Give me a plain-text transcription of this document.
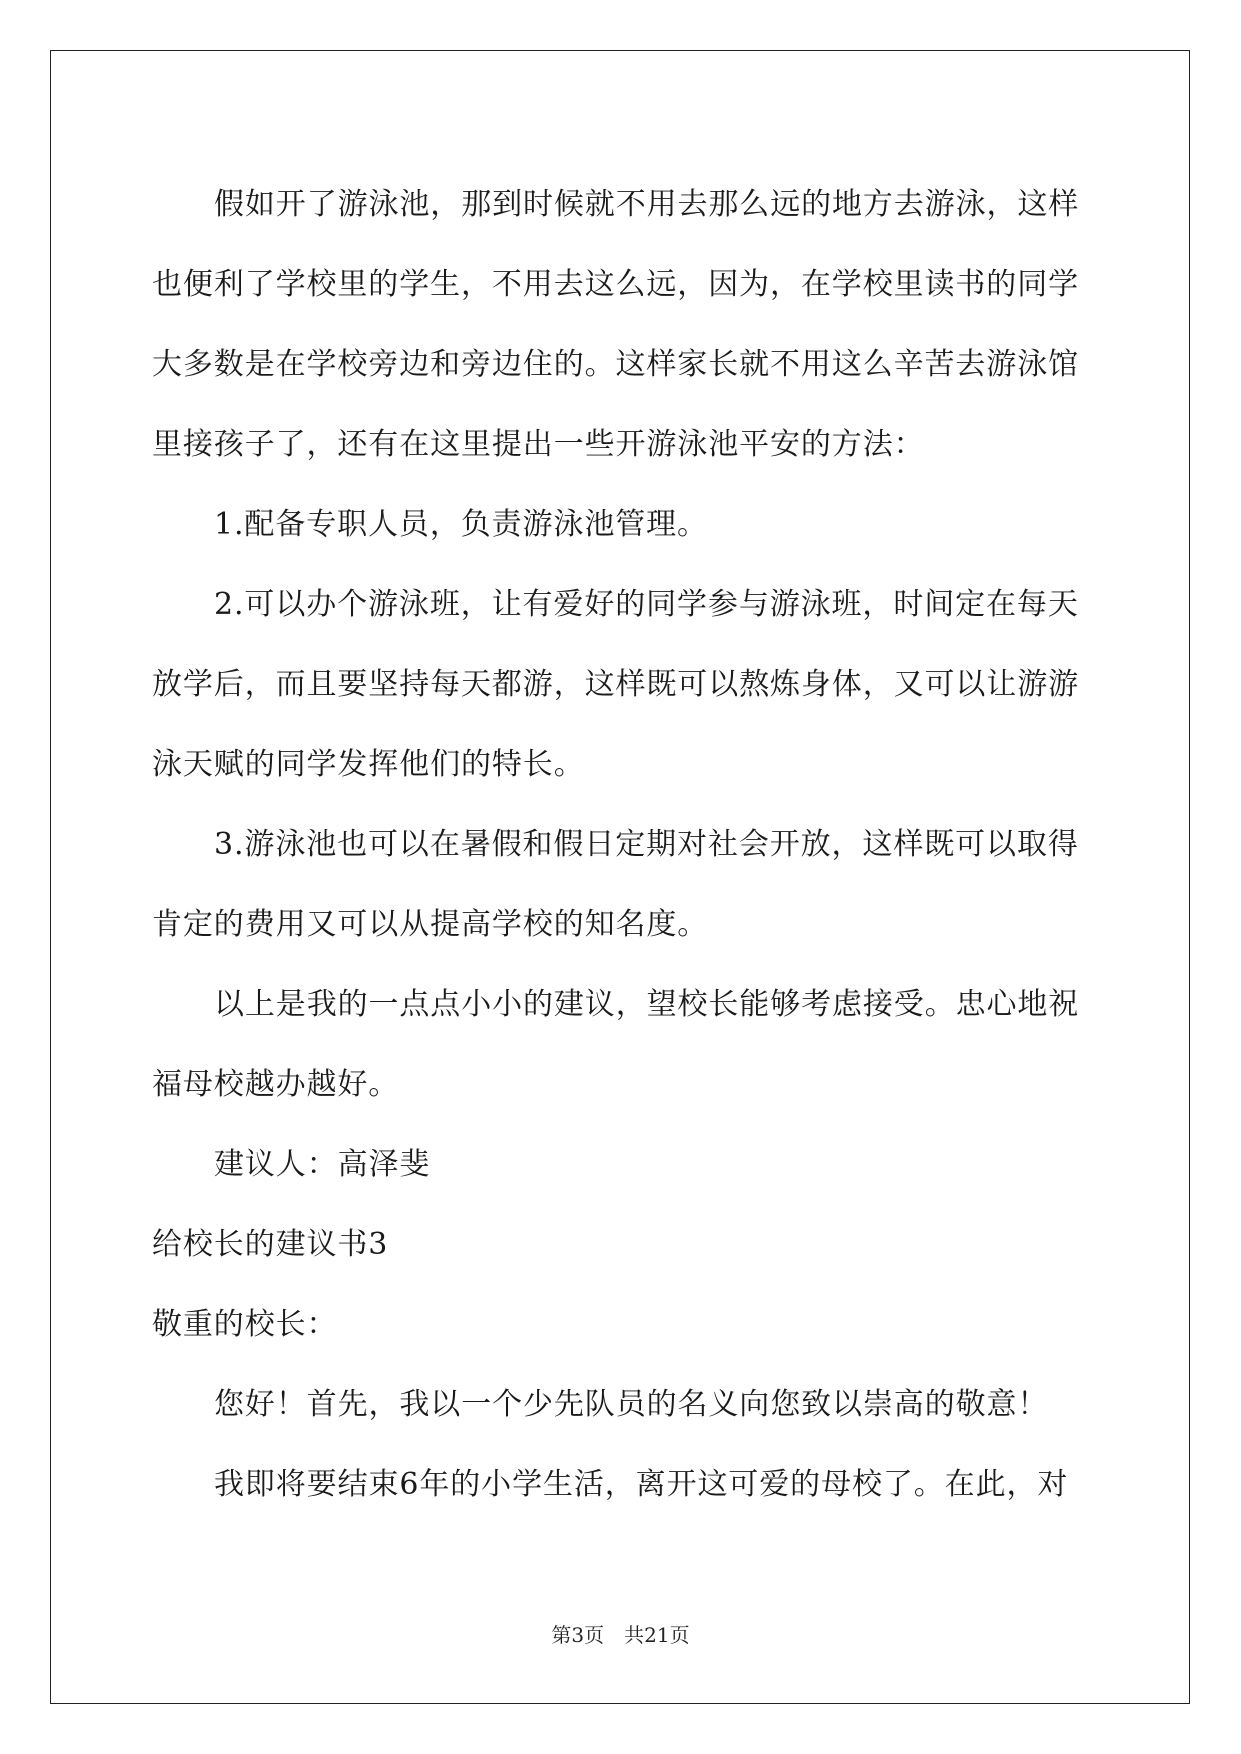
假如开了游泳池，那到时候就不用去那么远的地方去游泳，这样也便利了学校里的学生，不用去这么远，因为，在学校里读书的同学大多数是在学校旁边和旁边住的。这样家长就不用这么辛苦去游泳馆里接孩子了，还有在这里提出一些开游泳池平安的方法：

1.配备专职人员，负责游泳池管理。

2.可以办个游泳班，让有爱好的同学参与游泳班，时间定在每天放学后，而且要坚持每天都游，这样既可以熬炼身体，又可以让游游泳天赋的同学发挥他们的特长。

3.游泳池也可以在暑假和假日定期对社会开放，这样既可以取得肯定的费用又可以从提高学校的知名度。

以上是我的一点点小小的建议，望校长能够考虑接受。忠心地祝福母校越办越好。

建议人：高泽斐

给校长的建议书3

敬重的校长：

您好！首先，我以一个少先队员的名义向您致以崇高的敬意！

我即将要结束6年的小学生活，离开这可爱的母校了。在此，对

第3页 共21页
